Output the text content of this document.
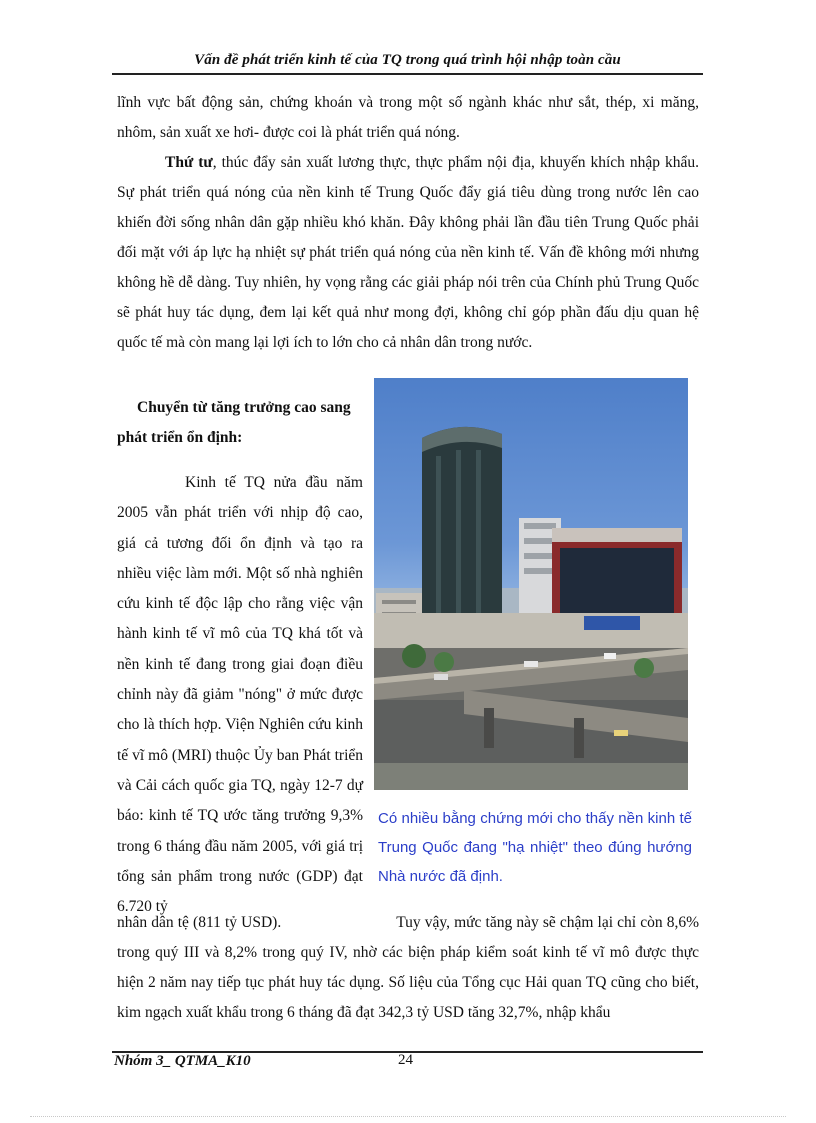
Vấn đề phát triển kinh tế của TQ trong quá trình hội nhập toàn cầu

lĩnh vực bất động sản, chứng khoán và trong một số ngành khác như sắt, thép, xi măng, nhôm, sản xuất xe hơi- được coi là phát triển quá nóng.

Thứ tư, thúc đẩy sản xuất lương thực, thực phẩm nội địa, khuyến khích nhập khẩu. Sự phát triển quá nóng của nền kinh tế Trung Quốc đẩy giá tiêu dùng trong nước lên cao khiến đời sống nhân dân gặp nhiều khó khăn. Đây không phải lần đầu tiên Trung Quốc phải đối mặt với áp lực hạ nhiệt sự phát triển quá nóng của nền kinh tế. Vấn đề không mới nhưng không hề dễ dàng. Tuy nhiên, hy vọng rằng các giải pháp nói trên của Chính phủ Trung Quốc sẽ phát huy tác dụng, đem lại kết quả như mong đợi, không chỉ góp phần đấu dịu quan hệ quốc tế mà còn mang lại lợi ích to lớn cho cả nhân dân trong nước.

Chuyển từ tăng trưởng cao sang phát triển ổn định:

Kinh tế TQ nửa đầu năm 2005 vẫn phát triển với nhịp độ cao, giá cả tương đối ổn định và tạo ra nhiều việc làm mới. Một số nhà nghiên cứu kinh tế độc lập cho rằng việc vận hành kinh tế vĩ mô của TQ khá tốt và nền kinh tế đang trong giai đoạn điều chỉnh này đã giảm "nóng" ở mức được cho là thích hợp. Viện Nghiên cứu kinh tế vĩ mô (MRI) thuộc Ủy ban Phát triển và Cải cách quốc gia TQ, ngày 12-7 dự báo: kinh tế TQ ước tăng trưởng 9,3% trong 6 tháng đầu năm 2005, với giá trị tổng sản phẩm trong nước (GDP) đạt 6.720 tỷ

Có nhiều bằng chứng mới cho thấy nền kinh tế Trung Quốc đang "hạ nhiệt" theo đúng hướng Nhà nước đã định.

nhân dân tệ (811 tỷ USD).	Tuy vậy, mức tăng này sẽ chậm lại chỉ còn 8,6% trong quý III và 8,2% trong quý IV, nhờ các biện pháp kiểm soát kinh tế vĩ mô được thực hiện 2 năm nay tiếp tục phát huy tác dụng. Số liệu của Tổng cục Hải quan TQ cũng cho biết, kim ngạch xuất khẩu trong 6 tháng đã đạt 342,3 tỷ USD tăng 32,7%, nhập khẩu

Nhóm 3_ QTMA_K10	24
